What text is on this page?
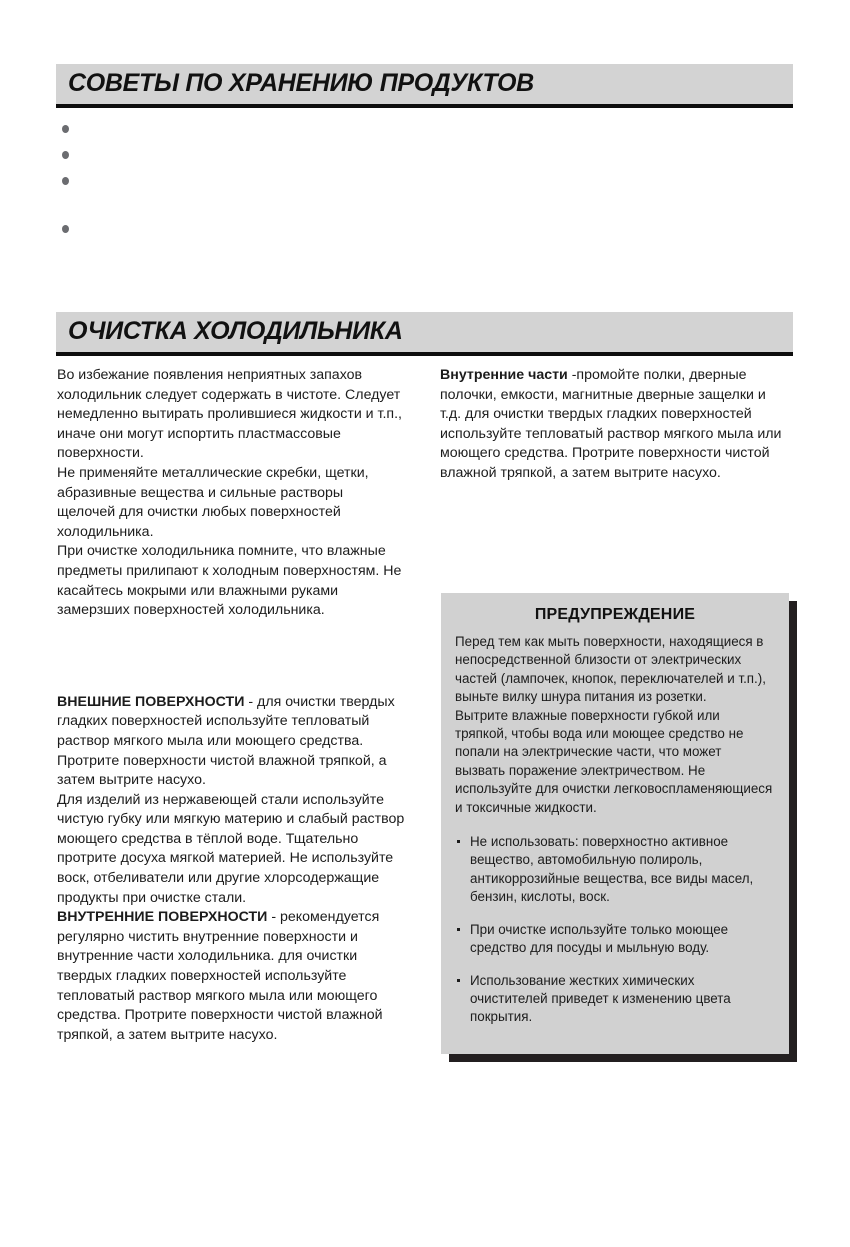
СОВЕТЫ ПО ХРАНЕНИЮ ПРОДУКТОВ
ОЧИСТКА ХОЛОДИЛЬНИКА

Во избежание появления неприятных запахов холодильник следует содержать в чистоте. Следует немедленно вытирать пролившиеся жидкости и т.п., иначе они могут испортить пластмассовые поверхности.

Не применяйте металлические скребки, щетки, абразивные вещества и сильные растворы щелочей для очистки любых поверхностей холодильника.

При очистке холодильника помните, что влажные предметы прилипают к холодным поверхностям. Не касайтесь мокрыми или влажными руками замерзших поверхностей холодильника.

ВНЕШНИЕ ПОВЕРХНОСТИ - для очистки твердых гладких поверхностей используйте тепловатый раствор мягкого мыла или моющего средства. Протрите поверхности чистой влажной тряпкой, а затем вытрите насухо.

Для изделий из нержавеющей стали используйте чистую губку или мягкую материю и слабый раствор моющего средства в тёплой воде. Тщательно протрите досуха мягкой материей. Не используйте воск, отбеливатели или другие хлорсодержащие продукты при очистке стали.

ВНУТРЕННИЕ ПОВЕРХНОСТИ - рекомендуется регулярно чистить внутренние поверхности и внутренние части холодильника. для очистки твердых гладких поверхностей используйте тепловатый раствор мягкого мыла или моющего средства. Протрите поверхности чистой влажной тряпкой, а затем вытрите насухо.

Внутренние части -промойте полки, дверные полочки, емкости, магнитные дверные защелки и т.д. для очистки твердых гладких поверхностей используйте тепловатый раствор мягкого мыла или моющего средства. Протрите поверхности чистой влажной тряпкой, а затем вытрите насухо.

ПРЕДУПРЕЖДЕНИЕ

Перед тем как мыть поверхности, находящиеся в непосредственной близости от электрических частей (лампочек, кнопок, переключателей и т.п.), выньте вилку шнура питания из розетки.

Вытрите влажные поверхности губкой или тряпкой, чтобы вода или моющее средство не попали на электрические части, что может вызвать поражение электричеством. Не используйте для очистки легковоспламеняющиеся и токсичные жидкости.

Не использовать: поверхностно активное вещество, автомобильную полироль, антикоррозийные вещества, все виды масел, бензин, кислоты, воск.
При очистке используйте только моющее средство для посуды и мыльную воду.
Использование жестких химических очистителей приведет к изменению цвета покрытия.
